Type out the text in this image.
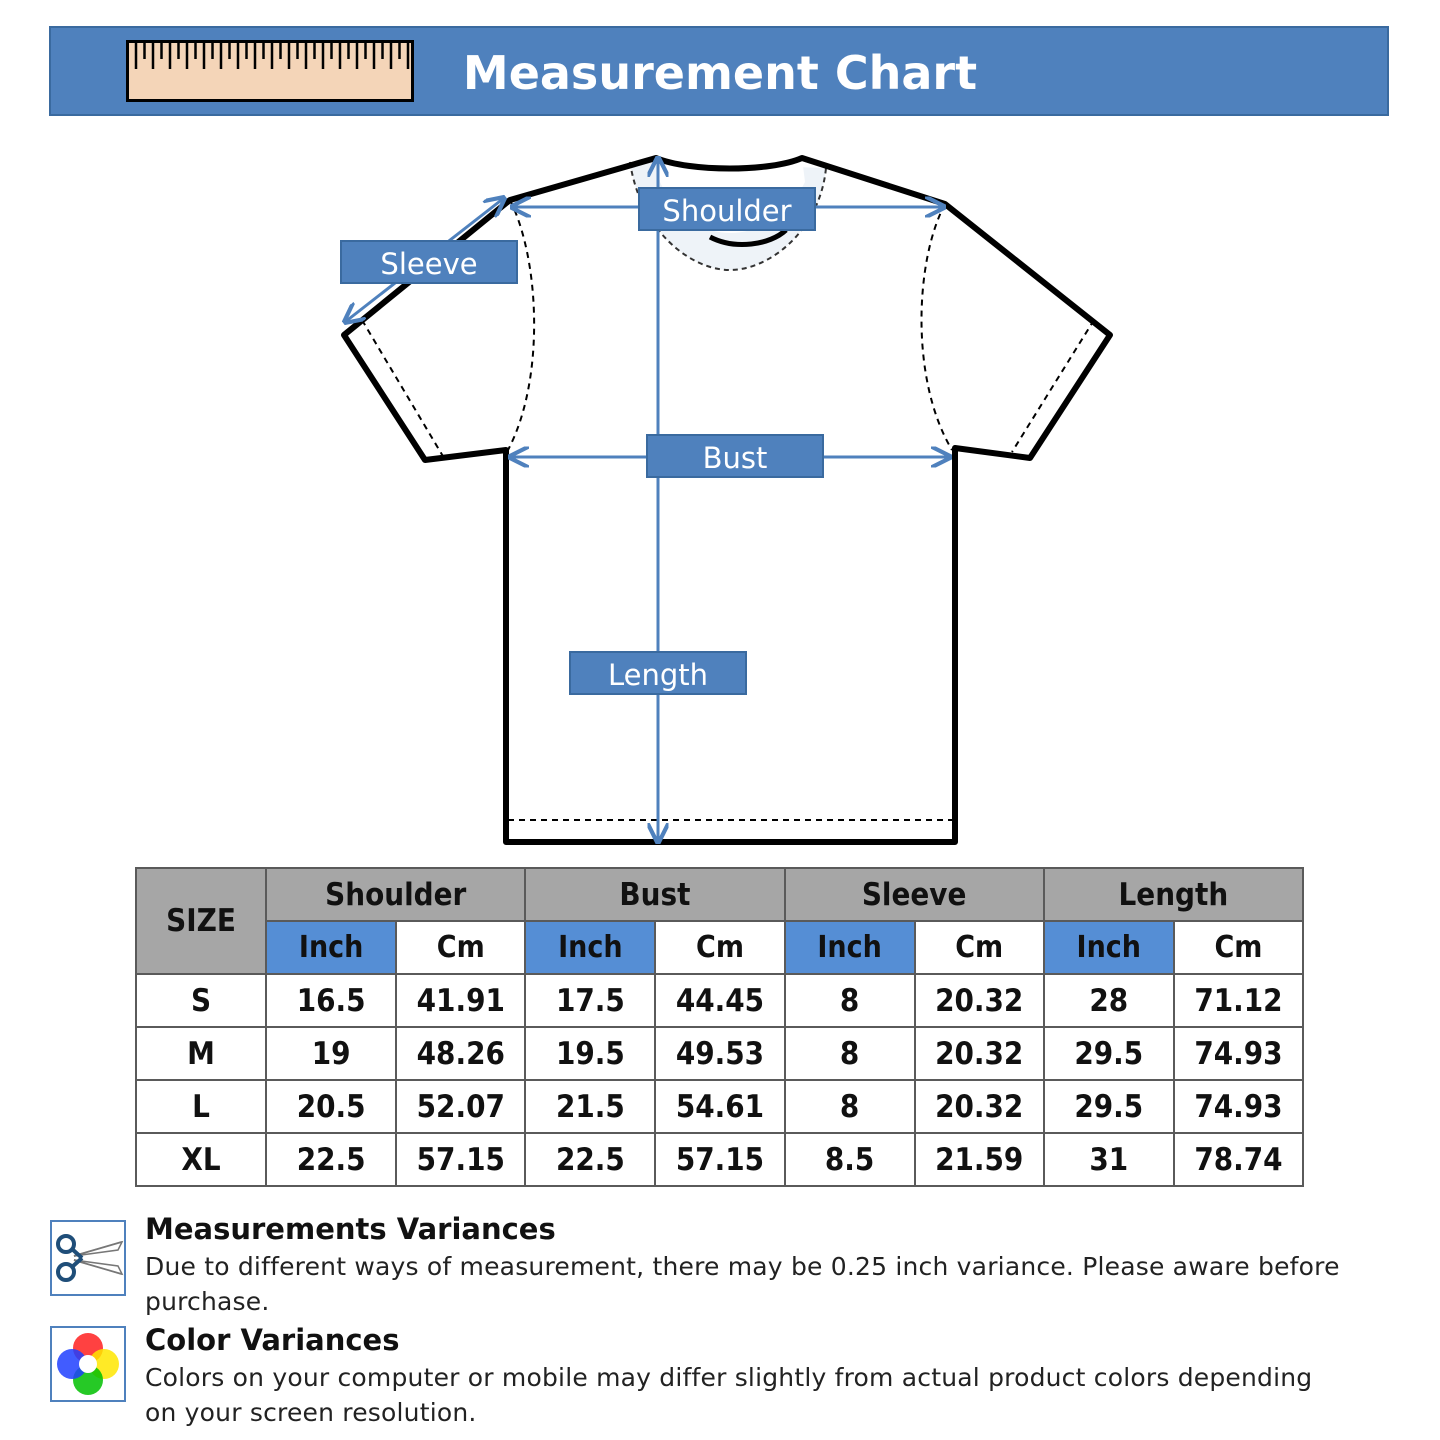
Measurement Chart
Shoulder
Sleeve
Bust
Length
SIZE	Shoulder		Bust		Sleeve		Length	
	Inch	Cm	Inch	Cm	Inch	Cm	Inch	Cm
S	16.5	41.91	17.5	44.45	8	20.32	28	71.12
M	19	48.26	19.5	49.53	8	20.32	29.5	74.93
L	20.5	52.07	21.5	54.61	8	20.32	29.5	74.93
XL	22.5	57.15	22.5	57.15	8.5	21.59	31	78.74
Measurements Variances
Due to different ways of measurement, there may be 0.25 inch variance. Please aware before purchase.
Color Variances
Colors on your computer or mobile may differ slightly from actual product colors depending on your screen resolution.
